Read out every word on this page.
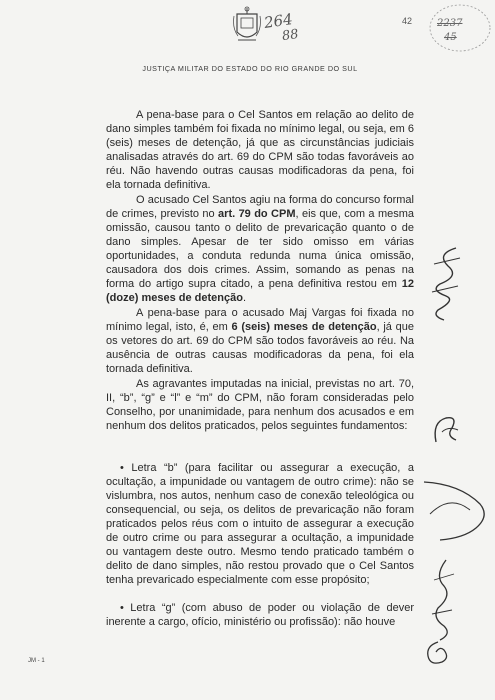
264
88
42 2237
45
JUSTIÇA MILITAR DO ESTADO DO RIO GRANDE DO SUL

A pena-base para o Cel Santos em relação ao delito de dano simples também foi fixada no mínimo legal, ou seja, em 6 (seis) meses de detenção, já que as circunstâncias judiciais analisadas através do art. 69 do CPM são todas favoráveis ao réu. Não havendo outras causas modificadoras da pena, foi ela tornada definitiva.

O acusado Cel Santos agiu na forma do concurso formal de crimes, previsto no art. 79 do CPM, eis que, com a mesma omissão, causou tanto o delito de prevaricação quanto o de dano simples. Apesar de ter sido omisso em várias oportunidades, a conduta redunda numa única omissão, causadora dos dois crimes. Assim, somando as penas na forma do artigo supra citado, a pena definitiva restou em 12 (doze) meses de detenção.

A pena-base para o acusado Maj Vargas foi fixada no mínimo legal, isto, é, em 6 (seis) meses de detenção, já que os vetores do art. 69 do CPM são todos favoráveis ao réu. Na ausência de outras causas modificadoras da pena, foi ela tornada definitiva.

As agravantes imputadas na inicial, previstas no art. 70, II, “b”, “g” e “l” e “m” do CPM, não foram consideradas pelo Conselho, por unanimidade, para nenhum dos acusados e em nenhum dos delitos praticados, pelos seguintes fundamentos:

• Letra “b” (para facilitar ou assegurar a execução, a ocultação, a impunidade ou vantagem de outro crime): não se vislumbra, nos autos, nenhum caso de conexão teleológica ou consequencial, ou seja, os delitos de prevaricação não foram praticados pelos réus com o intuito de assegurar a execução de outro crime ou para assegurar a ocultação, a impunidade ou vantagem deste outro. Mesmo tendo praticado também o delito de dano simples, não restou provado que o Cel Santos tenha prevaricado especialmente com esse propósito;

• Letra “g” (com abuso de poder ou violação de dever inerente a cargo, ofício, ministério ou profissão): não houve

JM - 1
